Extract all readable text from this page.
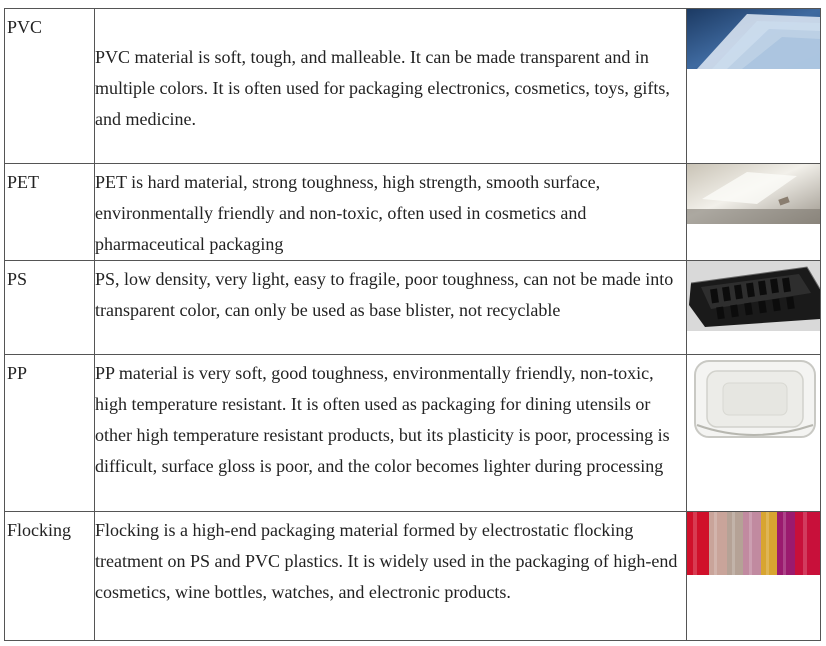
PVC	PVC material is soft, tough, and malleable. It can be made transparent and in multiple colors. It is often used for packaging electronics, cosmetics, toys, gifts, and medicine.	

PET	PET is hard material, strong toughness, high strength, smooth surface, environmentally friendly and non-toxic, often used in cosmetics and pharmaceutical packaging	

PS	PS, low density, very light, easy to fragile, poor toughness, can not be made into transparent color, can only be used as base blister, not recyclable	

PP	PP material is very soft, good toughness, environmentally friendly, non-toxic, high temperature resistant. It is often used as packaging for dining utensils or other high temperature resistant products, but its plasticity is poor, processing is difficult, surface gloss is poor, and the color becomes lighter during processing	

Flocking	Flocking is a high-end packaging material formed by electrostatic flocking treatment on PS and PVC plastics. It is widely used in the packaging of high-end cosmetics, wine bottles, watches, and electronic products.	
